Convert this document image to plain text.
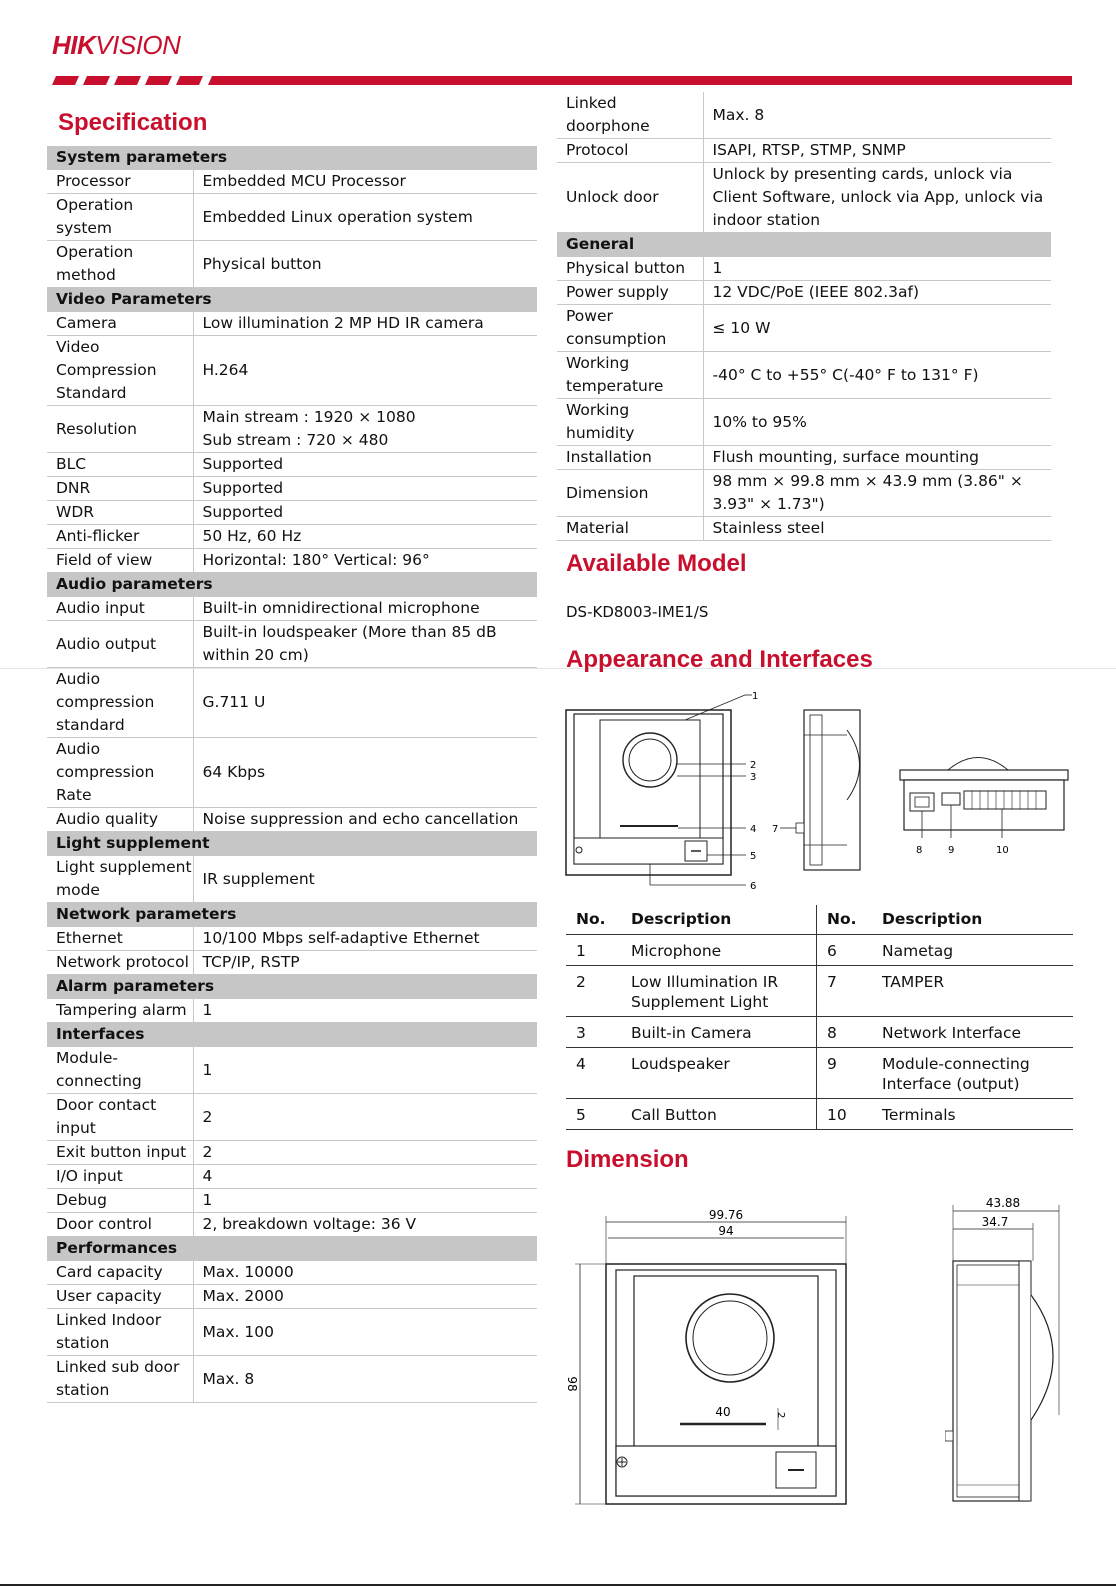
HIKVISION
Specification
System parameters	
Processor	Embedded MCU Processor
Operation system	Embedded Linux operation system
Operation method	Physical button
Video Parameters	
Camera	Low illumination 2 MP HD IR camera
Video Compression Standard	H.264
Resolution	Main stream : 1920 × 1080
Sub stream : 720 × 480

BLC	Supported
DNR	Supported
WDR	Supported
Anti-flicker	50 Hz, 60 Hz
Field of view	Horizontal: 180° Vertical: 96°
Audio parameters	
Audio input	Built-in omnidirectional microphone
Audio output	Built-in loudspeaker (More than 85 dB within 20 cm)
Audio compression standard	G.711 U
Audio compression Rate	64 Kbps
Audio quality	Noise suppression and echo cancellation
Light supplement	
Light supplement mode	IR supplement
Network parameters	
Ethernet	10/100 Mbps self-adaptive Ethernet
Network protocol	TCP/IP, RSTP
Alarm parameters	
Tampering alarm	1
Interfaces	
Module-connecting	1
Door contact input	2
Exit button input	2
I/O input	4
Debug	1
Door control	2, breakdown voltage: 36 V
Performances	
Card capacity	Max. 10000
User capacity	Max. 2000
Linked Indoor station	Max. 100
Linked sub door station	Max. 8
Linked doorphone	Max. 8
Protocol	ISAPI, RTSP, STMP, SNMP
Unlock door	Unlock by presenting cards, unlock via Client Software, unlock via App, unlock via indoor station
General	
Physical button	1
Power supply	12 VDC/PoE (IEEE 802.3af)
Power consumption	≤ 10 W
Working temperature	-40° C to +55° C(-40° F to 131° F)
Working humidity	10% to 95%
Installation	Flush mounting, surface mounting
Dimension	98 mm × 99.8 mm × 43.9 mm (3.86" × 3.93" × 1.73")
Material	Stainless steel
Available Model
DS-KD8003-IME1/S
Appearance and Interfaces
1
2
3
4
5
6
7
8	9	10
No.	Description	No.	Description
1	Microphone	6	Nametag
2	Low Illumination IR Supplement Light	7	TAMPER
3	Built-in Camera	8	Network Interface
4	Loudspeaker	9	Module-connecting Interface (output)
5	Call Button	10	Terminals
Dimension
99.76
94
98
40	2
43.88
34.7
